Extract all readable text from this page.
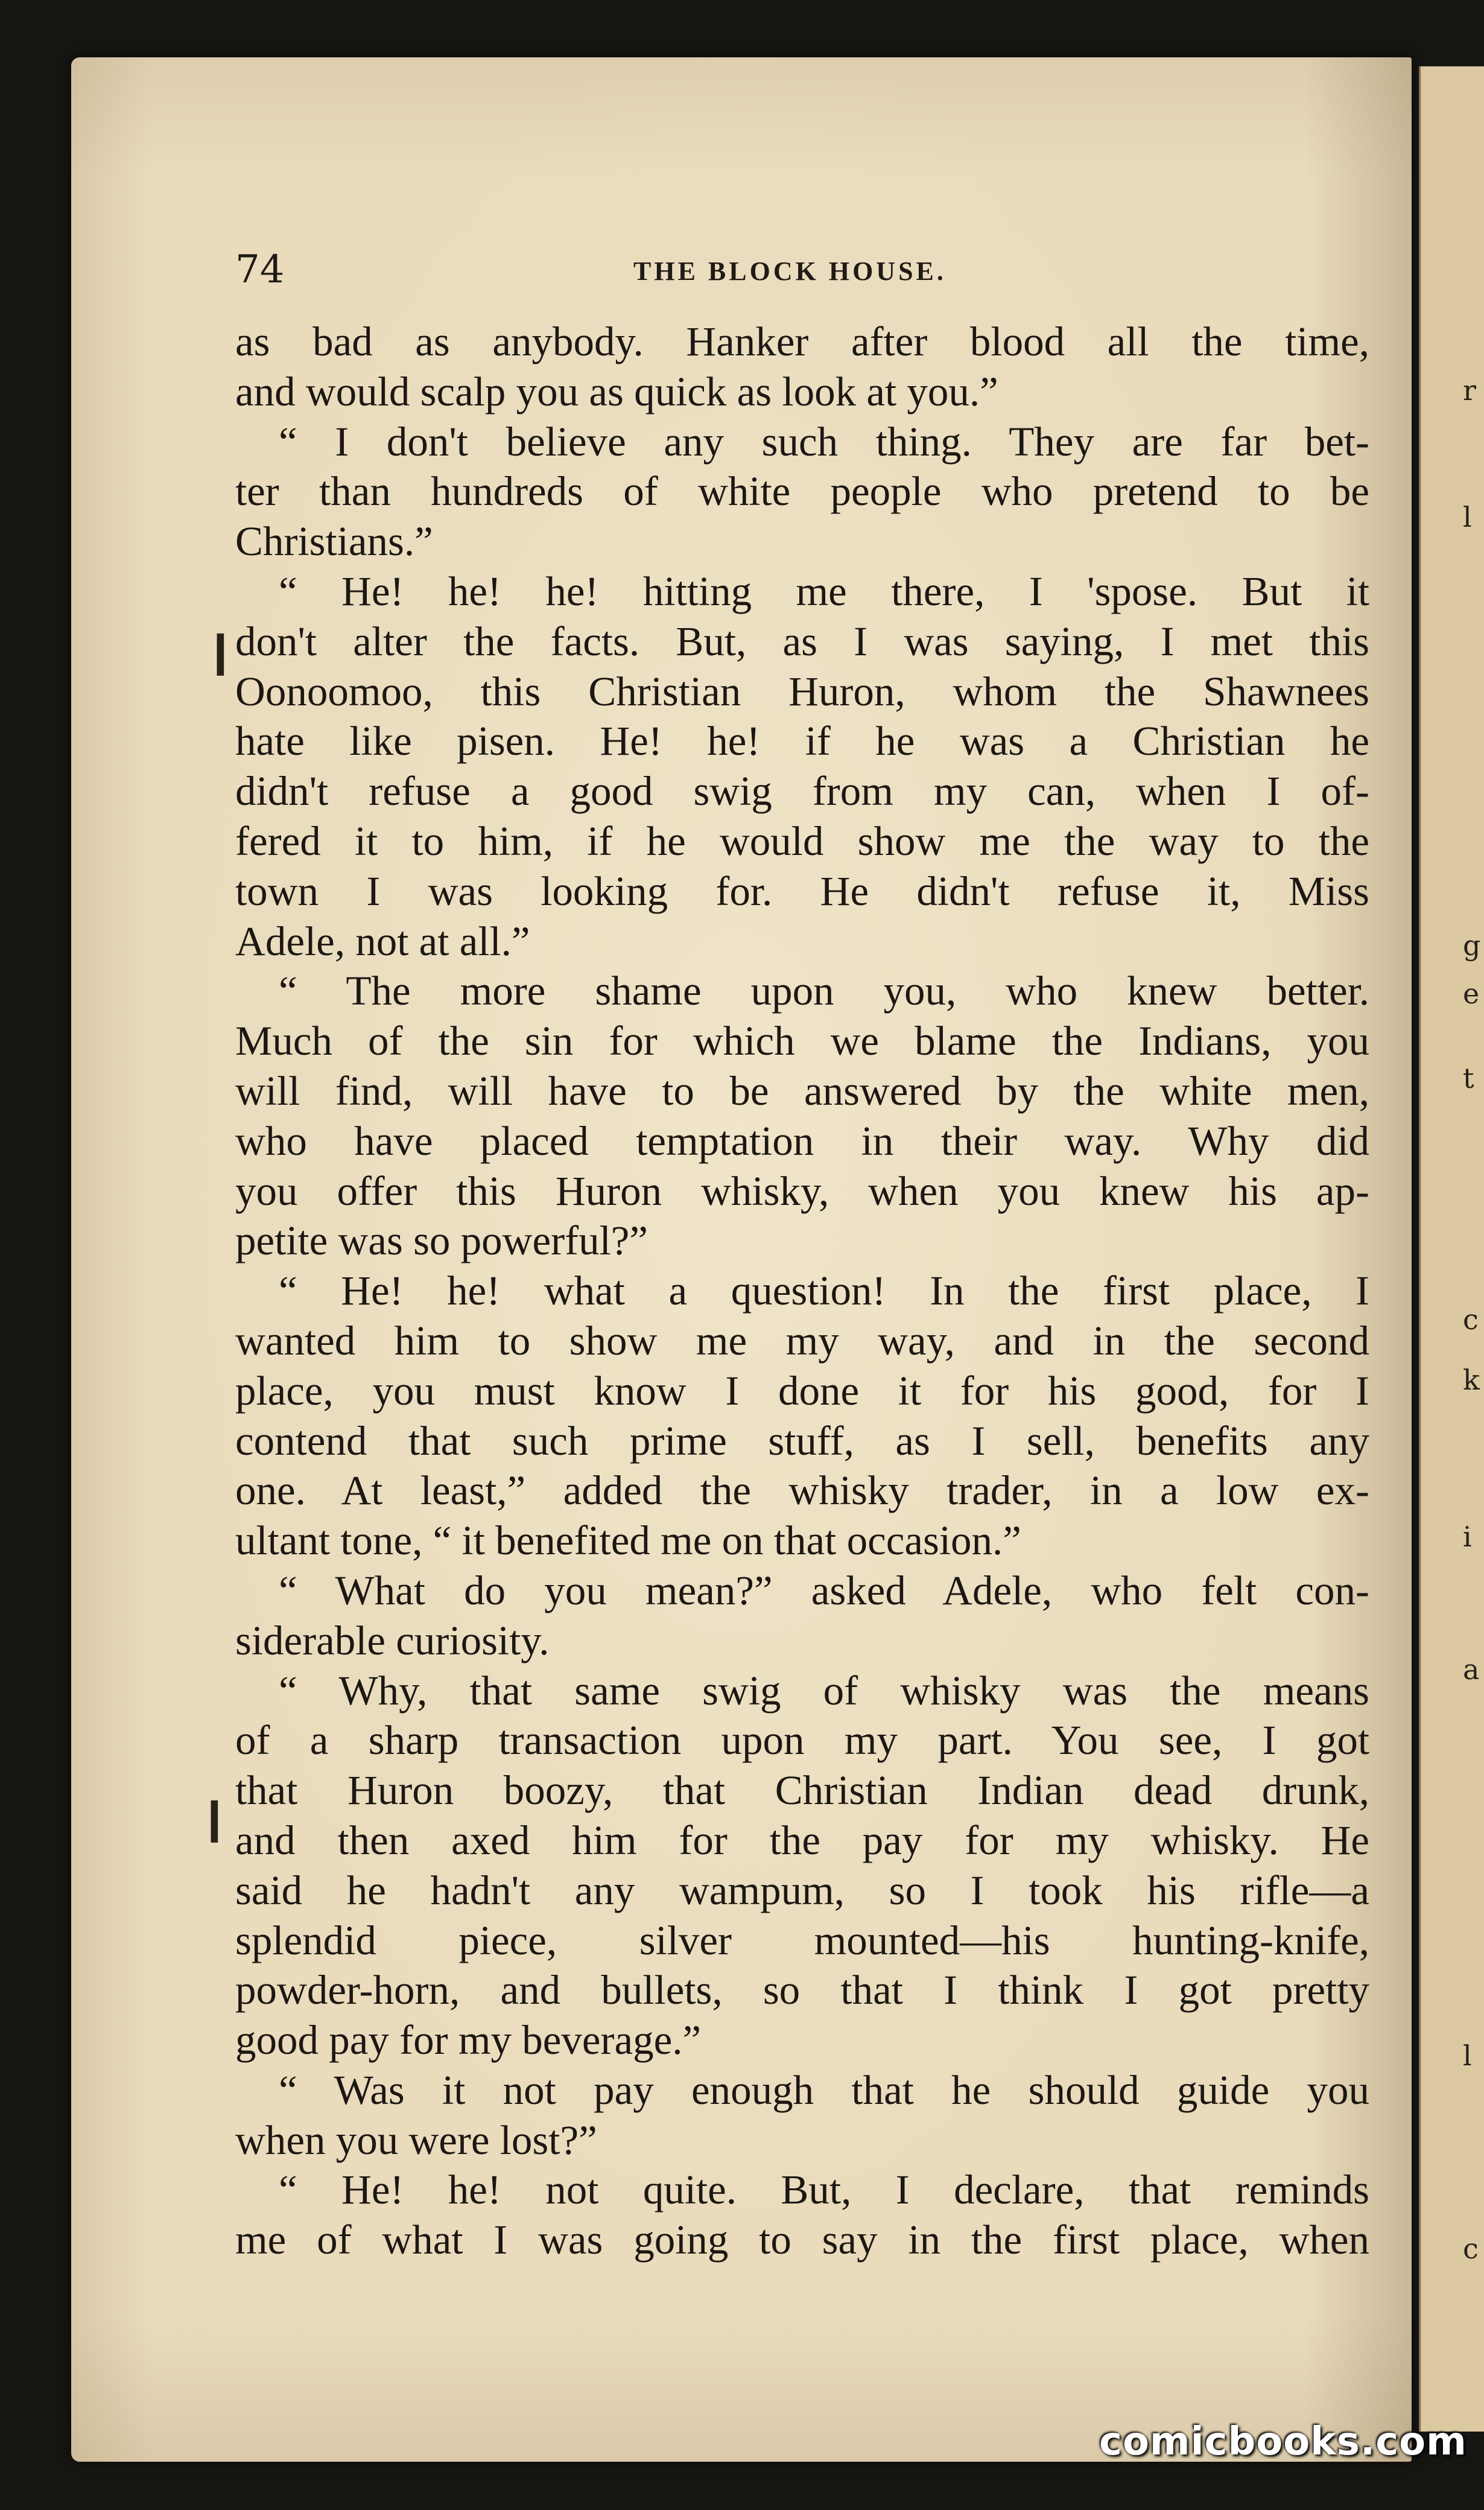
r
l
g
e
t
c
k
i
a
l
c
74	THE BLOCK HOUSE.
as bad as anybody. Hanker after blood all the time,
and would scalp you as quick as look at you.”
“ I don't believe any such thing. They are far bet-
ter than hundreds of white people who pretend to be
Christians.”
“ He! he! he! hitting me there, I 'spose. But it
don't alter the facts. But, as I was saying, I met this
Oonoomoo, this Christian Huron, whom the Shawnees
hate like pisen. He! he! if he was a Christian he
didn't refuse a good swig from my can, when I of-
fered it to him, if he would show me the way to the
town I was looking for. He didn't refuse it, Miss
Adele, not at all.”
“ The more shame upon you, who knew better.
Much of the sin for which we blame the Indians, you
will find, will have to be answered by the white men,
who have placed temptation in their way. Why did
you offer this Huron whisky, when you knew his ap-
petite was so powerful?”
“ He! he! what a question! In the first place, I
wanted him to show me my way, and in the second
place, you must know I done it for his good, for I
contend that such prime stuff, as I sell, benefits any
one. At least,” added the whisky trader, in a low ex-
ultant tone, “ it benefited me on that occasion.”
“ What do you mean?” asked Adele, who felt con-
siderable curiosity.
“ Why, that same swig of whisky was the means
of a sharp transaction upon my part. You see, I got
that Huron boozy, that Christian Indian dead drunk,
and then axed him for the pay for my whisky. He
said he hadn't any wampum, so I took his rifle—a
splendid piece, silver mounted—his hunting-knife,
powder-horn, and bullets, so that I think I got pretty
good pay for my beverage.”
“ Was it not pay enough that he should guide you
when you were lost?”
“ He! he! not quite. But, I declare, that reminds
me of what I was going to say in the first place, when
❙
❙
comicbooks.com
